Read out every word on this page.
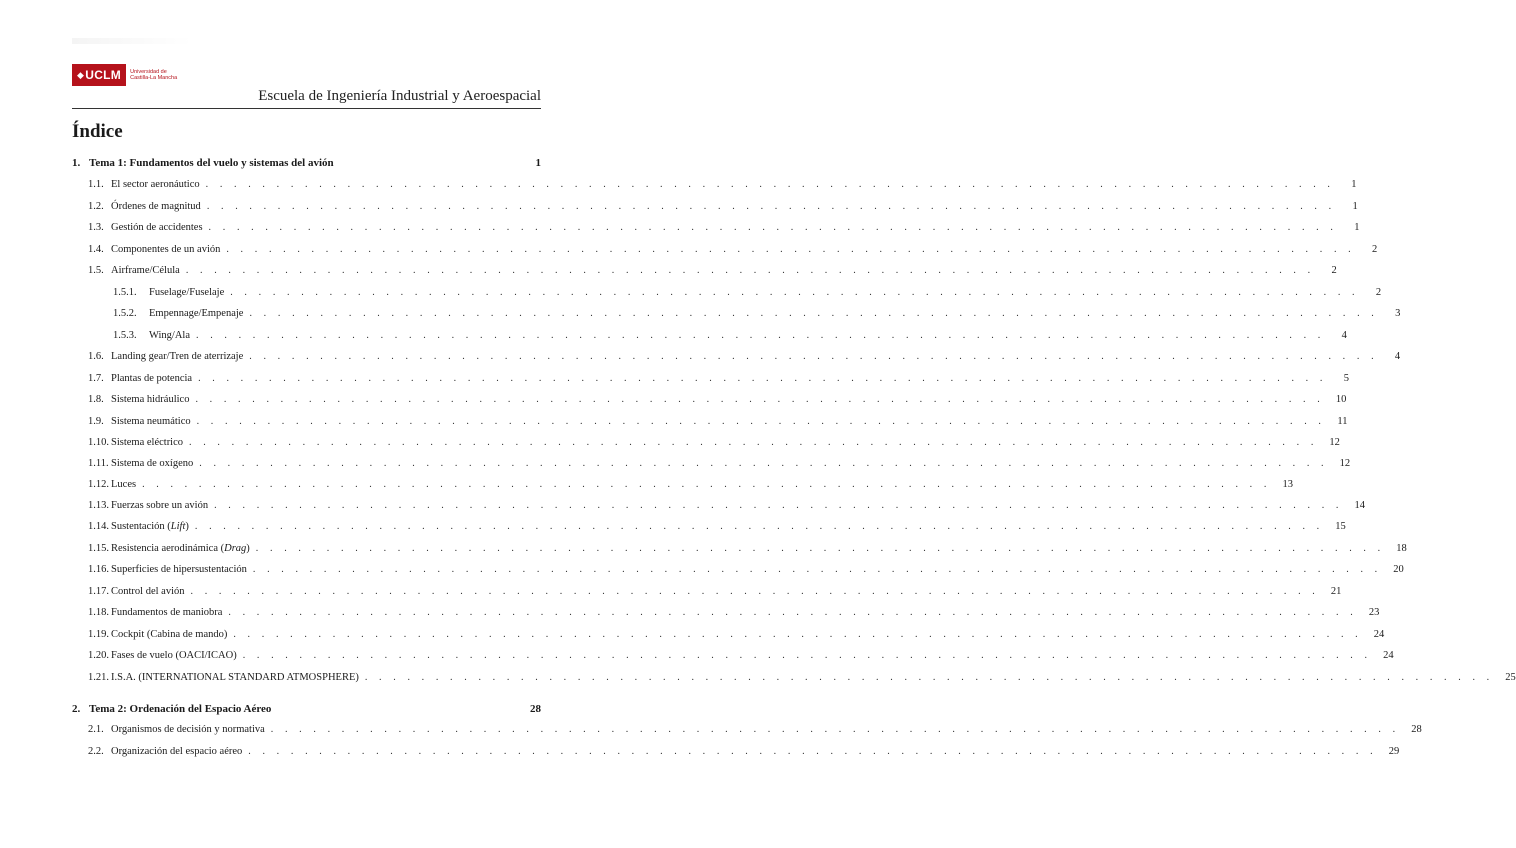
◆ UCLM Universidad de
Castilla-La Mancha
Escuela de Ingeniería Industrial y Aeroespacial
Índice
1. Tema 1: Fundamentos del vuelo y sistemas del avión	1
1.1. El sector aeronáutico . . . . . . . . . . . . . . . . . . . . . . . . . . . . . . . . . . . . . . . . . . . . . . . . . . . . . . . . . . . . . . . . . . . . . . . . . . . . . . . .	1
1.2. Órdenes de magnitud . . . . . . . . . . . . . . . . . . . . . . . . . . . . . . . . . . . . . . . . . . . . . . . . . . . . . . . . . . . . . . . . . . . . . . . . . . . . . . . .	1
1.3. Gestión de accidentes . . . . . . . . . . . . . . . . . . . . . . . . . . . . . . . . . . . . . . . . . . . . . . . . . . . . . . . . . . . . . . . . . . . . . . . . . . . . . . . .	1
1.4. Componentes de un avión . . . . . . . . . . . . . . . . . . . . . . . . . . . . . . . . . . . . . . . . . . . . . . . . . . . . . . . . . . . . . . . . . . . . . . . . . . . . . . . .	2
1.5. Airframe/Célula . . . . . . . . . . . . . . . . . . . . . . . . . . . . . . . . . . . . . . . . . . . . . . . . . . . . . . . . . . . . . . . . . . . . . . . . . . . . . . . .	2
1.5.1.	Fuselage/Fuselaje . . . . . . . . . . . . . . . . . . . . . . . . . . . . . . . . . . . . . . . . . . . . . . . . . . . . . . . . . . . . . . . . . . . . . . . . . . . . . . . .	2
1.5.2.	Empennage/Empenaje . . . . . . . . . . . . . . . . . . . . . . . . . . . . . . . . . . . . . . . . . . . . . . . . . . . . . . . . . . . . . . . . . . . . . . . . . . . . . . . .	3
1.5.3.	Wing/Ala . . . . . . . . . . . . . . . . . . . . . . . . . . . . . . . . . . . . . . . . . . . . . . . . . . . . . . . . . . . . . . . . . . . . . . . . . . . . . . . .	4
1.6. Landing gear/Tren de aterrizaje . . . . . . . . . . . . . . . . . . . . . . . . . . . . . . . . . . . . . . . . . . . . . . . . . . . . . . . . . . . . . . . . . . . . . . . . . . . . . . . .	4
1.7. Plantas de potencia . . . . . . . . . . . . . . . . . . . . . . . . . . . . . . . . . . . . . . . . . . . . . . . . . . . . . . . . . . . . . . . . . . . . . . . . . . . . . . . .	5
1.8. Sistema hidráulico . . . . . . . . . . . . . . . . . . . . . . . . . . . . . . . . . . . . . . . . . . . . . . . . . . . . . . . . . . . . . . . . . . . . . . . . . . . . . . . .	10
1.9. Sistema neumático . . . . . . . . . . . . . . . . . . . . . . . . . . . . . . . . . . . . . . . . . . . . . . . . . . . . . . . . . . . . . . . . . . . . . . . . . . . . . . . .	11
1.10. Sistema eléctrico . . . . . . . . . . . . . . . . . . . . . . . . . . . . . . . . . . . . . . . . . . . . . . . . . . . . . . . . . . . . . . . . . . . . . . . . . . . . . . . .	12
1.11. Sistema de oxígeno . . . . . . . . . . . . . . . . . . . . . . . . . . . . . . . . . . . . . . . . . . . . . . . . . . . . . . . . . . . . . . . . . . . . . . . . . . . . . . . .	12
1.12. Luces . . . . . . . . . . . . . . . . . . . . . . . . . . . . . . . . . . . . . . . . . . . . . . . . . . . . . . . . . . . . . . . . . . . . . . . . . . . . . . . .	13
1.13. Fuerzas sobre un avión . . . . . . . . . . . . . . . . . . . . . . . . . . . . . . . . . . . . . . . . . . . . . . . . . . . . . . . . . . . . . . . . . . . . . . . . . . . . . . . .	14
1.14. Sustentación (Lift) . . . . . . . . . . . . . . . . . . . . . . . . . . . . . . . . . . . . . . . . . . . . . . . . . . . . . . . . . . . . . . . . . . . . . . . . . . . . . . . .	15
1.15. Resistencia aerodinámica (Drag) . . . . . . . . . . . . . . . . . . . . . . . . . . . . . . . . . . . . . . . . . . . . . . . . . . . . . . . . . . . . . . . . . . . . . . . . . . . . . . . .	18
1.16. Superficies de hipersustentación . . . . . . . . . . . . . . . . . . . . . . . . . . . . . . . . . . . . . . . . . . . . . . . . . . . . . . . . . . . . . . . . . . . . . . . . . . . . . . . .	20
1.17. Control del avión . . . . . . . . . . . . . . . . . . . . . . . . . . . . . . . . . . . . . . . . . . . . . . . . . . . . . . . . . . . . . . . . . . . . . . . . . . . . . . . .	21
1.18. Fundamentos de maniobra . . . . . . . . . . . . . . . . . . . . . . . . . . . . . . . . . . . . . . . . . . . . . . . . . . . . . . . . . . . . . . . . . . . . . . . . . . . . . . . .	23
1.19. Cockpit (Cabina de mando) . . . . . . . . . . . . . . . . . . . . . . . . . . . . . . . . . . . . . . . . . . . . . . . . . . . . . . . . . . . . . . . . . . . . . . . . . . . . . . . .	24
1.20. Fases de vuelo (OACI/ICAO) . . . . . . . . . . . . . . . . . . . . . . . . . . . . . . . . . . . . . . . . . . . . . . . . . . . . . . . . . . . . . . . . . . . . . . . . . . . . . . . .	24
1.21. I.S.A. (INTERNATIONAL STANDARD ATMOSPHERE) . . . . . . . . . . . . . . . . . . . . . . . . . . . . . . . . . . . . . . . . . . . . . . . . . . . . . . . . . . . . . . . . . . . . . . . . . . . . . . . .	25
2. Tema 2: Ordenación del Espacio Aéreo	28
2.1. Organismos de decisión y normativa . . . . . . . . . . . . . . . . . . . . . . . . . . . . . . . . . . . . . . . . . . . . . . . . . . . . . . . . . . . . . . . . . . . . . . . . . . . . . . . .	28
2.2. Organización del espacio aéreo . . . . . . . . . . . . . . . . . . . . . . . . . . . . . . . . . . . . . . . . . . . . . . . . . . . . . . . . . . . . . . . . . . . . . . . . . . . . . . . .	29
